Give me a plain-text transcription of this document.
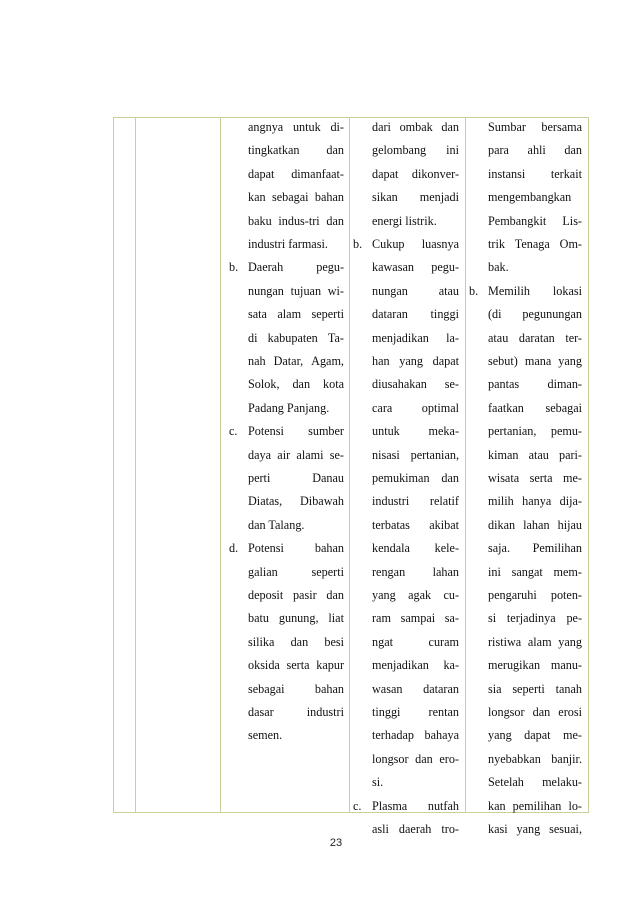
angnya untuk di-
tingkatkan dan
dapat dimanfaat-
kan sebagai bahan
baku indus-tri dan
industri farmasi.
Daerah	pegu-
b.
nungan tujuan wi-
sata alam seperti
di kabupaten Ta-
nah Datar, Agam,
Solok, dan kota
Padang Panjang.
Potensi sumber
c.
daya air alami se-
perti	Danau
Diatas, Dibawah
dan Talang.
Potensi	bahan
d.
galian	seperti
deposit pasir dan
batu gunung, liat
silika dan besi
oksida serta kapur
sebagai bahan
dasar	industri
semen.
dari ombak dan
gelombang ini
dapat dikonver-
sikan menjadi
energi listrik.
Cukup luasnya
b.
kawasan pegu-
nungan	atau
dataran tinggi
menjadikan la-
han yang dapat
diusahakan se-
cara optimal
untuk meka-
nisasi pertanian,
pemukiman dan
industri relatif
terbatas akibat
kendala kele-
rengan lahan
yang agak cu-
ram sampai sa-
ngat	curam
menjadikan ka-
wasan dataran
tinggi rentan
terhadap bahaya
longsor dan ero-
si.
Plasma nutfah
c.
asli daerah tro-
Sumbar bersama
para ahli dan
instansi terkait
mengembangkan
Pembangkit Lis-
trik Tenaga Om-
bak.
Memilih lokasi
b.
(di pegunungan
atau daratan ter-
sebut) mana yang
pantas diman-
faatkan sebagai
pertanian, pemu-
kiman atau pari-
wisata serta me-
milih hanya dija-
dikan lahan hijau
saja. Pemilihan
ini sangat mem-
pengaruhi poten-
si terjadinya pe-
ristiwa alam yang
merugikan manu-
sia seperti tanah
longsor dan erosi
yang dapat me-
nyebabkan banjir.
Setelah melaku-
kan pemilihan lo-
kasi yang sesuai,
23
